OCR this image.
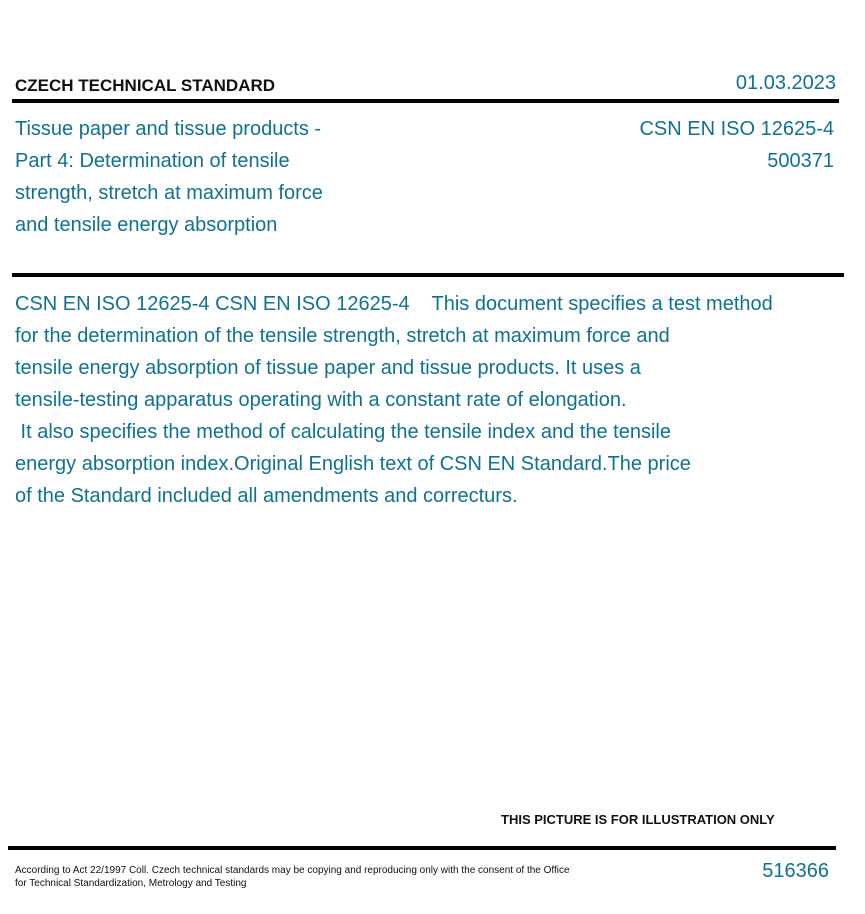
CZECH TECHNICAL STANDARD	01.03.2023
Tissue paper and tissue products -
Part 4: Determination of tensile
strength, stretch at maximum force
and tensile energy absorption
CSN EN ISO 12625-4
500371
CSN EN ISO 12625-4 CSN EN ISO 12625-4    This document specifies a test method
for the determination of the tensile strength, stretch at maximum force and
tensile energy absorption of tissue paper and tissue products. It uses a
tensile-testing apparatus operating with a constant rate of elongation.
It also specifies the method of calculating the tensile index and the tensile
energy absorption index.Original English text of CSN EN Standard.The price
of the Standard included all amendments and correcturs.
THIS PICTURE IS FOR ILLUSTRATION ONLY
According to Act 22/1997 Coll. Czech technical standards may be copying and reproducing only with the consent of the Office
for Technical Standardization, Metrology and Testing
516366
